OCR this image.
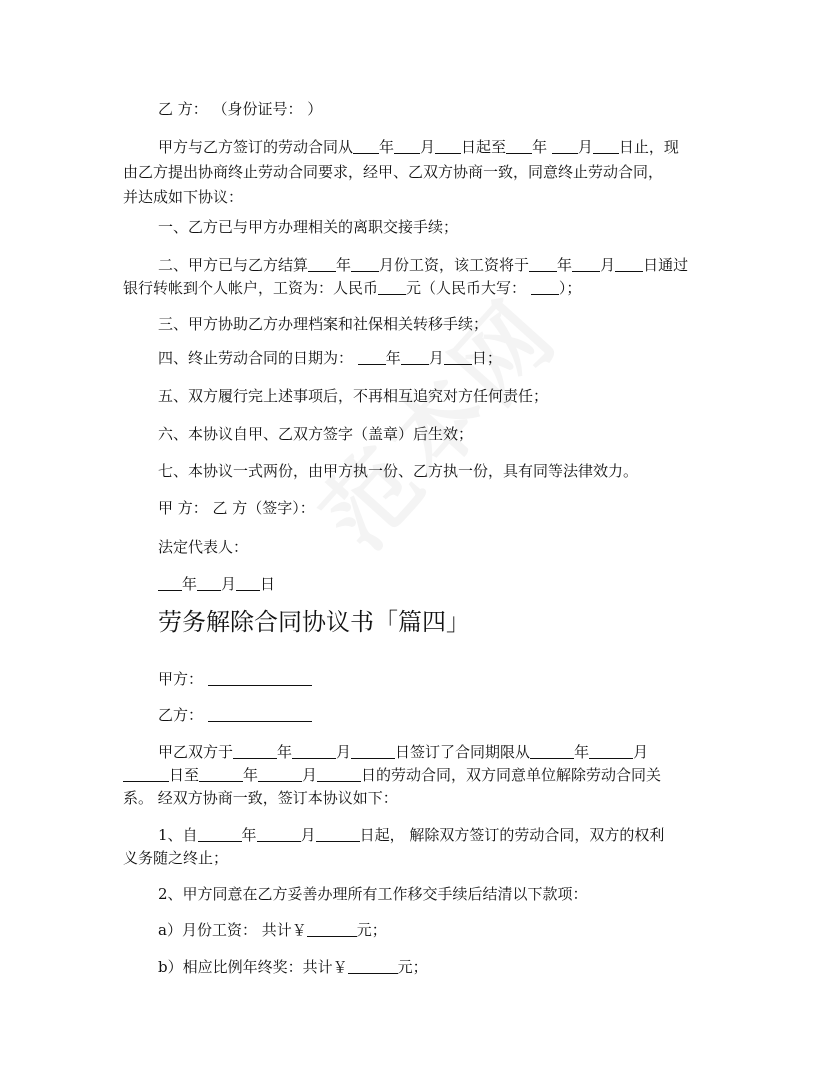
乙 方： （身份证号： ）
甲方与乙方签订的劳动合同从 年 月 日起至 年 月 日止，现
由乙方提出协商终止劳动合同要求，经甲、乙双方协商一致，同意终止劳动合同，
并达成如下协议：
一、乙方已与甲方办理相关的离职交接手续；
二、甲方已与乙方结算 年 月份工资，该工资将于 年 月 日通过
银行转帐到个人帐户，工资为：人民币 元（人民币大写： ）；
三、甲方协助乙方办理档案和社保相关转移手续；
四、终止劳动合同的日期为： 年 月 日；
五、双方履行完上述事项后，不再相互追究对方任何责任；
六、本协议自甲、乙双方签字（盖章）后生效；
七、本协议一式两份，由甲方执一份、乙方执一份，具有同等法律效力。
甲 方： 乙 方（签字）：
法定代表人：
年 月 日
劳务解除合同协议书「篇四」
甲方：
乙方：
甲乙双方于	年	月	日签订了合同期限从	年	月
日至	年	月	日的劳动合同，双方同意单位解除劳动合同关
系。 经双方协商一致，签订本协议如下：
1、自	年	月	日起， 解除双方签订的劳动合同，双方的权利
义务随之终止；
2、甲方同意在乙方妥善办理所有工作移交手续后结清以下款项：
a）月份工资： 共计￥	元；
b）相应比例年终奖：共计￥	元；
